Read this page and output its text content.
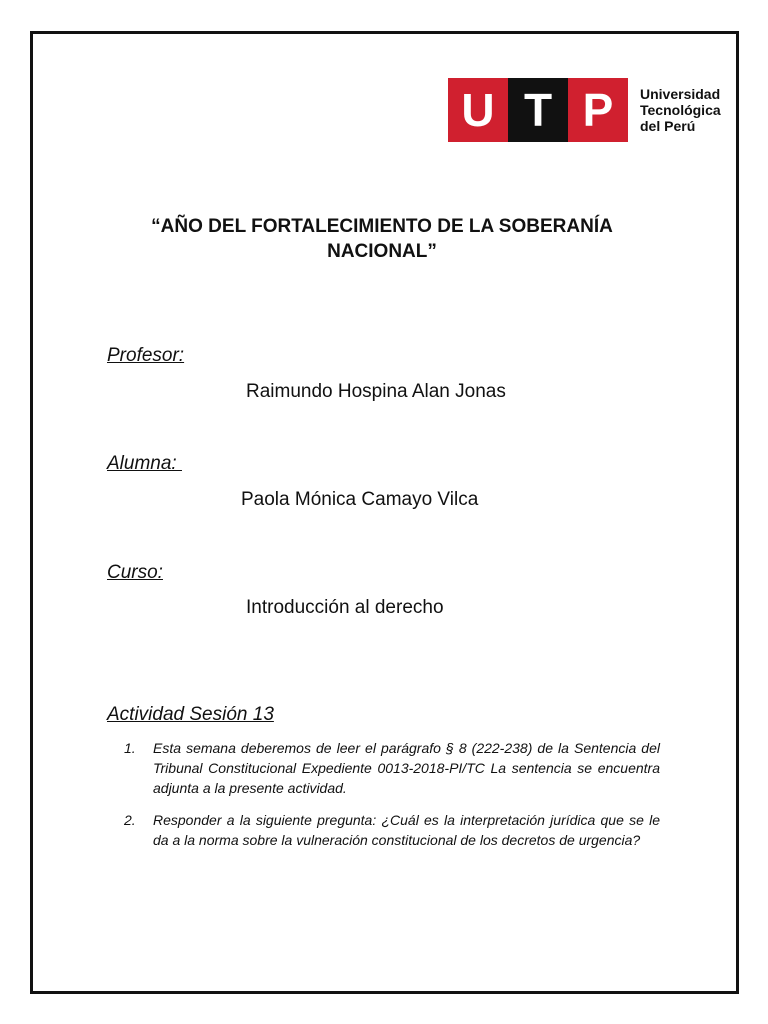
U T P	Universidad
Tecnológica
del Perú
“AÑO DEL FORTALECIMIENTO DE LA SOBERANÍA NACIONAL”

Profesor:

Raimundo Hospina Alan Jonas

Alumna:

Paola Mónica Camayo Vilca

Curso:

Introducción al derecho

Actividad Sesión 13

1.	Esta semana deberemos de leer el parágrafo § 8 (222-238) de la Sentencia del Tribunal Constitucional Expediente 0013-2018-PI/TC La sentencia se encuentra adjunta a la presente actividad.
2.	Responder a la siguiente pregunta: ¿Cuál es la interpretación jurídica que se le da a la norma sobre la vulneración constitucional de los decretos de urgencia?
